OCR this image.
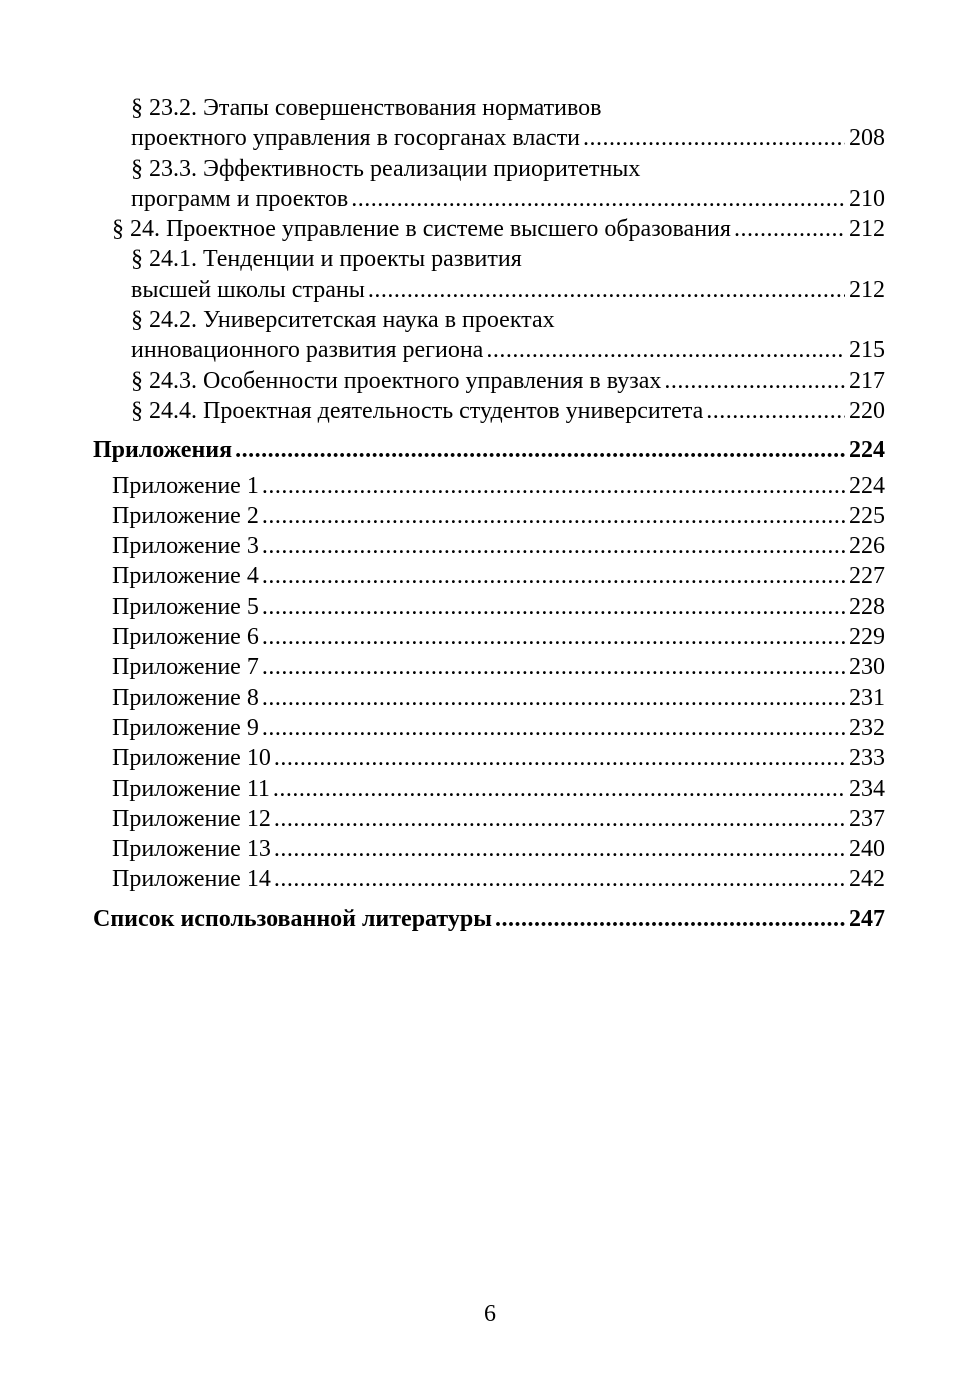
§ 23.2. Этапы совершенствования нормативов
проектного управления в госорганах власти .....	208
§ 23.3. Эффективность реализации приоритетных
программ и проектов .....	210
§ 24. Проектное управление в системе высшего образования .....	212
§ 24.1. Тенденции и проекты развития
высшей школы страны .....	212
§ 24.2. Университетская наука в проектах
инновационного развития региона .....	215
§ 24.3. Особенности проектного управления в вузах .....	217
§ 24.4. Проектная деятельность студентов университета .....	220
Приложения .....	224
Приложение 1 .....	224
Приложение 2 .....	225
Приложение 3 .....	226
Приложение 4 .....	227
Приложение 5 .....	228
Приложение 6 .....	229
Приложение 7 .....	230
Приложение 8 .....	231
Приложение 9 .....	232
Приложение 10 .....	233
Приложение 11 .....	234
Приложение 12 .....	237
Приложение 13 .....	240
Приложение 14 .....	242
Список использованной литературы .....	247
6
